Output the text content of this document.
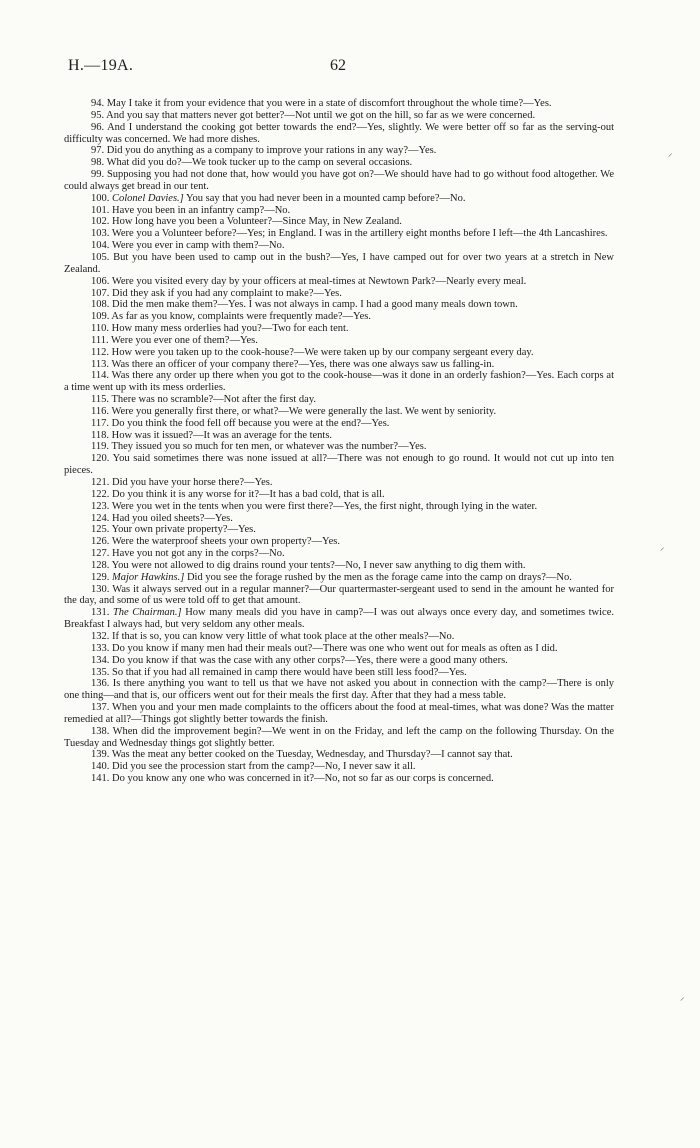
H.—19A.	62

94. May I take it from your evidence that you were in a state of discomfort throughout the whole time?—Yes.

95. And you say that matters never got better?—Not until we got on the hill, so far as we were concerned.

96. And I understand the cooking got better towards the end?—Yes, slightly. We were better off so far as the serving-out difficulty was concerned. We had more dishes.

97. Did you do anything as a company to improve your rations in any way?—Yes.

98. What did you do?—We took tucker up to the camp on several occasions.

99. Supposing you had not done that, how would you have got on?—We should have had to go without food altogether. We could always get bread in our tent.

100. Colonel Davies.] You say that you had never been in a mounted camp before?—No.

101. Have you been in an infantry camp?—No.

102. How long have you been a Volunteer?—Since May, in New Zealand.

103. Were you a Volunteer before?—Yes; in England. I was in the artillery eight months before I left—the 4th Lancashires.

104. Were you ever in camp with them?—No.

105. But you have been used to camp out in the bush?—Yes, I have camped out for over two years at a stretch in New Zealand.

106. Were you visited every day by your officers at meal-times at Newtown Park?—Nearly every meal.

107. Did they ask if you had any complaint to make?—Yes.

108. Did the men make them?—Yes. I was not always in camp. I had a good many meals down town.

109. As far as you know, complaints were frequently made?—Yes.

110. How many mess orderlies had you?—Two for each tent.

111. Were you ever one of them?—Yes.

112. How were you taken up to the cook-house?—We were taken up by our company sergeant every day.

113. Was there an officer of your company there?—Yes, there was one always saw us falling-in.

114. Was there any order up there when you got to the cook-house—was it done in an orderly fashion?—Yes. Each corps at a time went up with its mess orderlies.

115. There was no scramble?—Not after the first day.

116. Were you generally first there, or what?—We were generally the last. We went by seniority.

117. Do you think the food fell off because you were at the end?—Yes.

118. How was it issued?—It was an average for the tents.

119. They issued you so much for ten men, or whatever was the number?—Yes.

120. You said sometimes there was none issued at all?—There was not enough to go round. It would not cut up into ten pieces.

121. Did you have your horse there?—Yes.

122. Do you think it is any worse for it?—It has a bad cold, that is all.

123. Were you wet in the tents when you were first there?—Yes, the first night, through lying in the water.

124. Had you oiled sheets?—Yes.

125. Your own private property?—Yes.

126. Were the waterproof sheets your own property?—Yes.

127. Have you not got any in the corps?—No.

128. You were not allowed to dig drains round your tents?—No, I never saw anything to dig them with.

129. Major Hawkins.] Did you see the forage rushed by the men as the forage came into the camp on drays?—No.

130. Was it always served out in a regular manner?—Our quartermaster-sergeant used to send in the amount he wanted for the day, and some of us were told off to get that amount.

131. The Chairman.] How many meals did you have in camp?—I was out always once every day, and sometimes twice. Breakfast I always had, but very seldom any other meals.

132. If that is so, you can know very little of what took place at the other meals?—No.

133. Do you know if many men had their meals out?—There was one who went out for meals as often as I did.

134. Do you know if that was the case with any other corps?—Yes, there were a good many others.

135. So that if you had all remained in camp there would have been still less food?—Yes.

136. Is there anything you want to tell us that we have not asked you about in connection with the camp?—There is only one thing—and that is, our officers went out for their meals the first day. After that they had a mess table.

137. When you and your men made complaints to the officers about the food at meal-times, what was done? Was the matter remedied at all?—Things got slightly better towards the finish.

138. When did the improvement begin?—We went in on the Friday, and left the camp on the following Thursday. On the Tuesday and Wednesday things got slightly better.

139. Was the meat any better cooked on the Tuesday, Wednesday, and Thursday?—I cannot say that.

140. Did you see the procession start from the camp?—No, I never saw it all.

141. Do you know any one who was concerned in it?—No, not so far as our corps is concerned.

⸝
⸝
⸝
